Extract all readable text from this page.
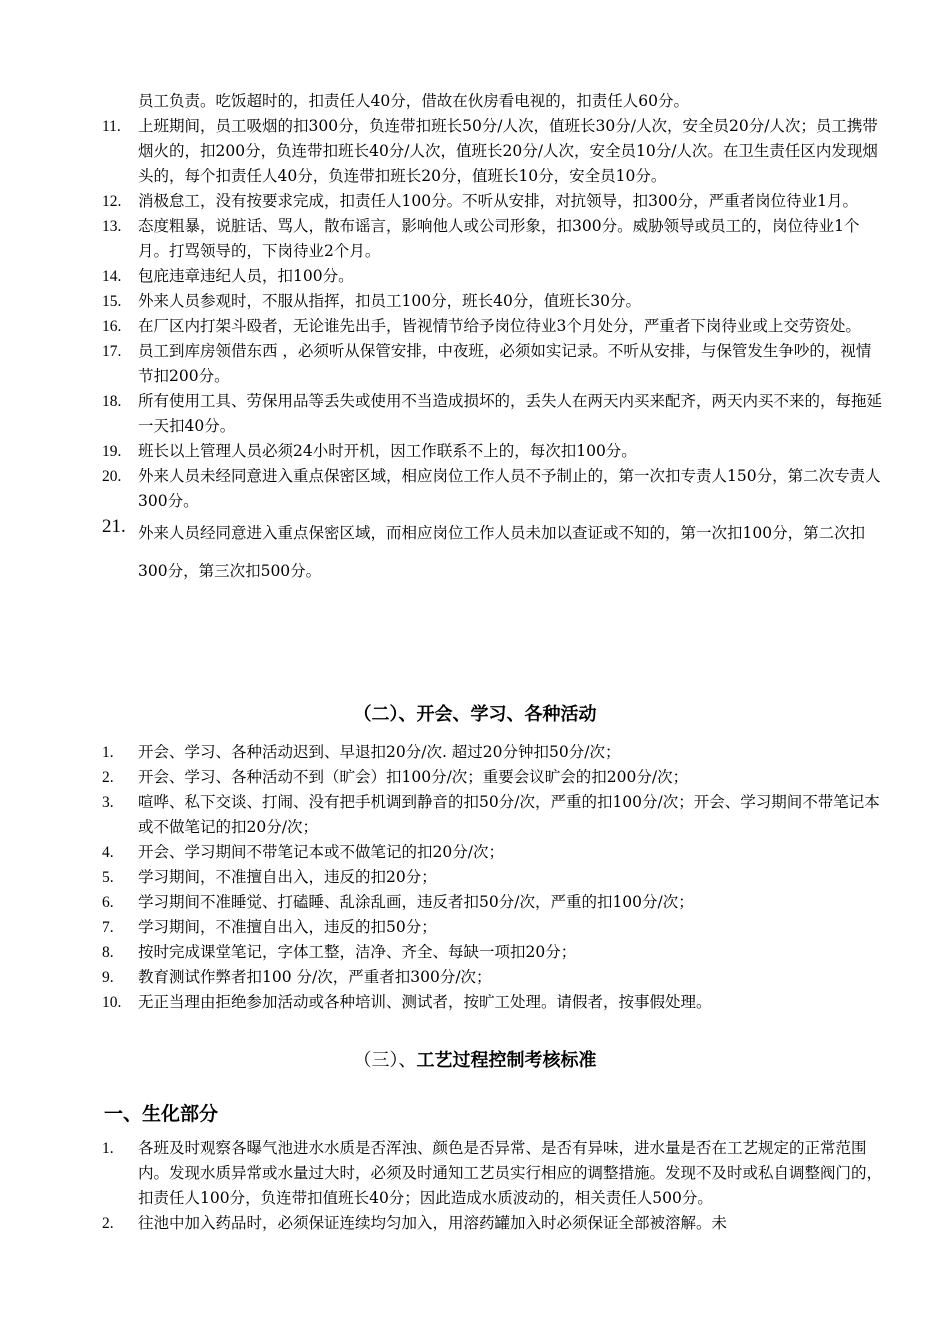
员工负责。吃饭超时的，扣责任人40分，借故在伙房看电视的，扣责任人60分。
11.	上班期间，员工吸烟的扣300分，负连带扣班长50分/人次，值班长30分/人次，安全员20分/人次；员工携带烟火的，扣200分，负连带扣班长40分/人次，值班长20分/人次，安全员10分/人次。在卫生责任区内发现烟头的，每个扣责任人40分，负连带扣班长20分，值班长10分，安全员10分。
12.	消极怠工，没有按要求完成，扣责任人100分。不听从安排，对抗领导，扣300分，严重者岗位待业1月。
13.	态度粗暴，说脏话、骂人，散布谣言，影响他人或公司形象，扣300分。威胁领导或员工的，岗位待业1个月。打骂领导的，下岗待业2个月。
14.	包庇违章违纪人员，扣100分。
15.	外来人员参观时，不服从指挥，扣员工100分，班长40分，值班长30分。
16.	在厂区内打架斗殴者，无论谁先出手，皆视情节给予岗位待业3个月处分，严重者下岗待业或上交劳资处。
17.	员工到库房领借东西 ，必须听从保管安排，中夜班，必须如实记录。不听从安排，与保管发生争吵的，视情节扣200分。
18.	所有使用工具、劳保用品等丢失或使用不当造成损坏的，丢失人在两天内买来配齐，两天内买不来的，每拖延一天扣40分。
19.	班长以上管理人员必须24小时开机，因工作联系不上的，每次扣100分。
20.	外来人员未经同意进入重点保密区域，相应岗位工作人员不予制止的，第一次扣专责人150分，第二次专责人300分。
21. 外来人员经同意进入重点保密区域，而相应岗位工作人员未加以查证或不知的，第一次扣100分，第二次扣300分，第三次扣500分。
（二）、开会、学习、各种活动
1.	开会、学习、各种活动迟到、早退扣20分/次. 超过20分钟扣50分/次；
2.	开会、学习、各种活动不到（旷会）扣100分/次；重要会议旷会的扣200分/次；
3.	喧哗、私下交谈、打闹、没有把手机调到静音的扣50分/次，严重的扣100分/次；开会、学习期间不带笔记本或不做笔记的扣20分/次；
4.	开会、学习期间不带笔记本或不做笔记的扣20分/次；
5.	学习期间，不准擅自出入，违反的扣20分；
6.	学习期间不准睡觉、打磕睡、乱涂乱画，违反者扣50分/次，严重的扣100分/次；
7.	学习期间，不准擅自出入，违反的扣50分；
8.	按时完成课堂笔记，字体工整，洁净、齐全、每缺一项扣20分；
9.	教育测试作弊者扣100 分/次，严重者扣300分/次；
10.	无正当理由拒绝参加活动或各种培训、测试者，按旷工处理。请假者，按事假处理。
（三）、工艺过程控制考核标准
一、生化部分
1.	各班及时观察各曝气池进水水质是否浑浊、颜色是否异常、是否有异味，进水量是否在工艺规定的正常范围内。发现水质异常或水量过大时，必须及时通知工艺员实行相应的调整措施。发现不及时或私自调整阀门的，扣责任人100分，负连带扣值班长40分；因此造成水质波动的，相关责任人500分。
2.	往池中加入药品时，必须保证连续均匀加入，用溶药罐加入时必须保证全部被溶解。未
